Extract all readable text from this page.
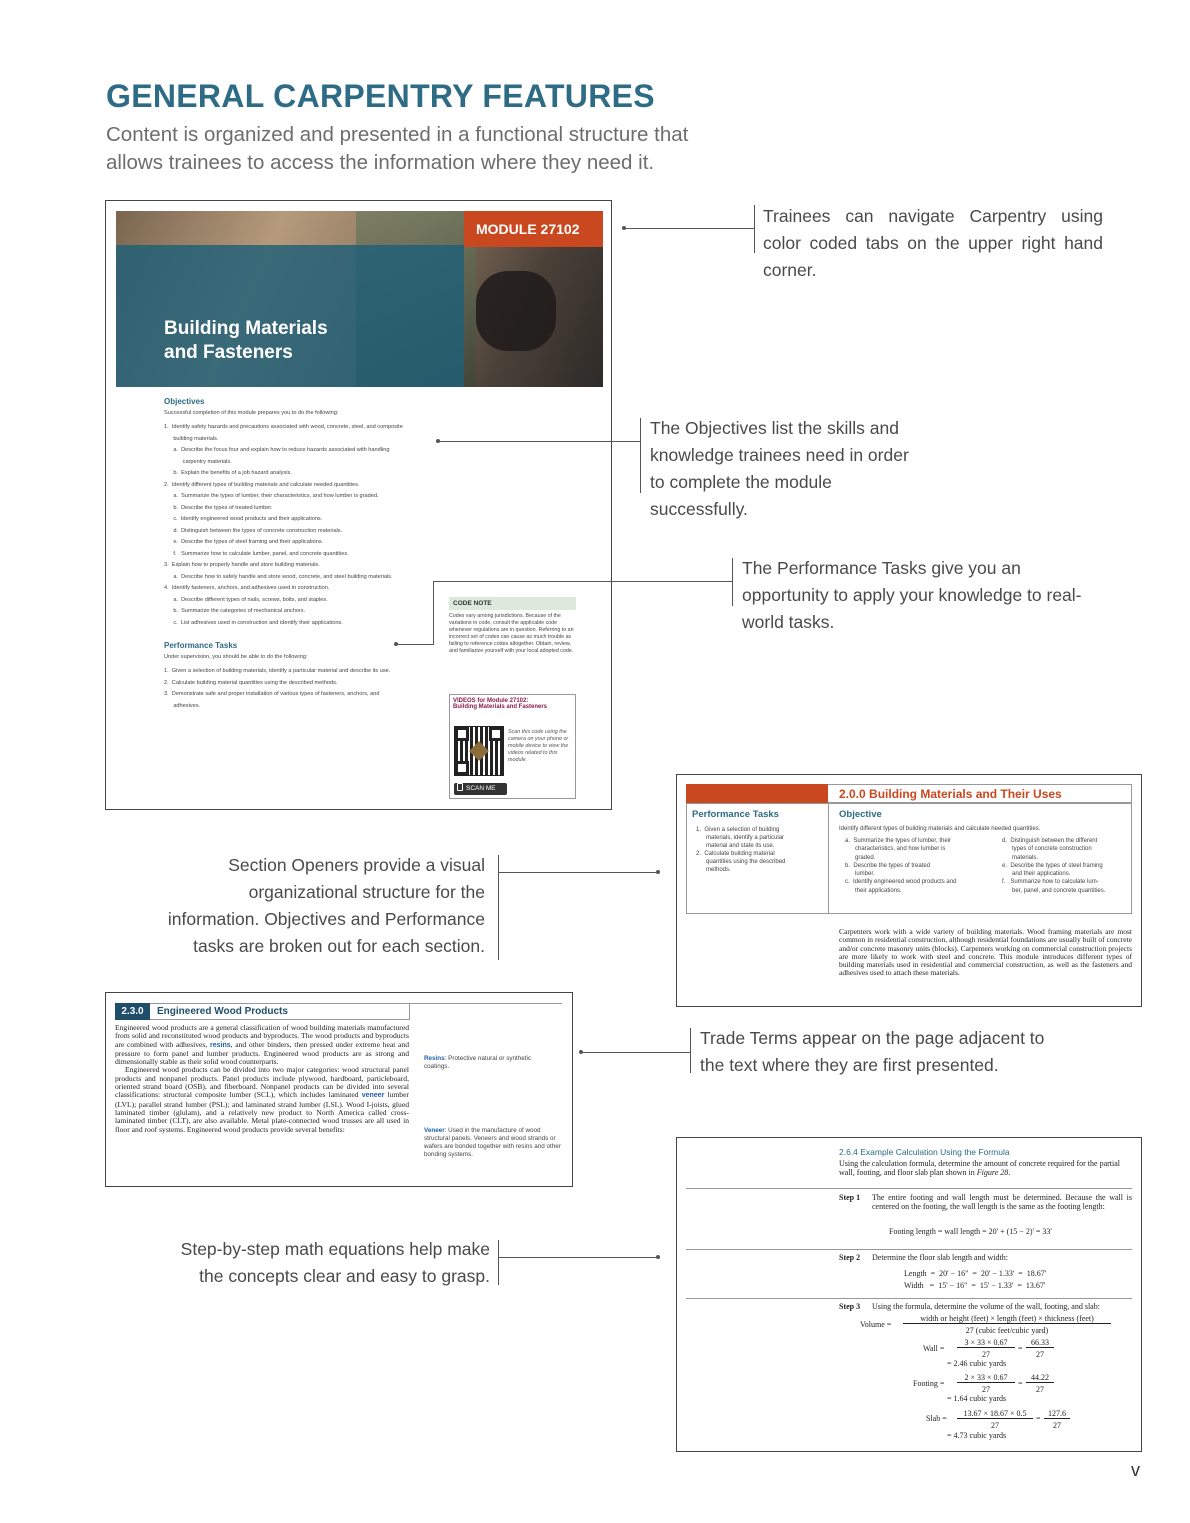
GENERAL CARPENTRY FEATURES
Content is organized and presented in a functional structure that
allows trainees to access the information where they need it.
MODULE 27102
Building Materials
and Fasteners
Objectives
Successful completion of this module prepares you to do the following:
1.  Identify safety hazards and precautions associated with wood, concrete, steel, and composite
building materials.
a.  Describe the focus four and explain how to reduce hazards associated with handling
carpentry materials.
b.  Explain the benefits of a job hazard analysis.
2.  Identify different types of building materials and calculate needed quantities.
a.  Summarize the types of lumber, their characteristics, and how lumber is graded.
b.  Describe the types of treated lumber.
c.  Identify engineered wood products and their applications.
d.  Distinguish between the types of concrete construction materials.
e.  Describe the types of steel framing and their applications.
f.   Summarize how to calculate lumber, panel, and concrete quantities.
3.  Explain how to properly handle and store building materials.
a.  Describe how to safely handle and store wood, concrete, and steel building materials.
4.  Identify fasteners, anchors, and adhesives used in construction.
a.  Describe different types of nails, screws, bolts, and staples.
b.  Summarize the categories of mechanical anchors.
c.  List adhesives used in construction and identify their applications.
Performance Tasks
Under supervision, you should be able to do the following:
1.  Given a selection of building materials, identify a particular material and describe its use.
2.  Calculate building material quantities using the described methods.
3.  Demonstrate safe and proper installation of various types of fasteners, anchors, and
adhesives.
CODE NOTE
Codes vary among jurisdictions. Because of the variations in code, consult the applicable code whenever regulations are in question. Referring to an incorrect set of codes can cause as much trouble as failing to reference codes altogether. Obtain, review, and familiarize yourself with your local adopted code.
VIDEOS for Module 27102:
Building Materials and Fasteners
Scan this code using the camera on your phone or mobile device to view the videos related to this module.
SCAN ME
Trainees can navigate Carpentry using color coded tabs on the upper right hand corner.
The Objectives list the skills and knowledge trainees need in order to complete the module successfully.
The Performance Tasks give you an opportunity to apply your knowledge to real-world tasks.
2.0.0 Building Materials and Their Uses
Performance Tasks
1.  Given a selection of building
materials, identify a particular
material and state its use.
2.  Calculate building material
quantities using the described
methods.
Objective
Identify different types of building materials and calculate needed quantities.
a.  Summarize the types of lumber, their
characteristics, and how lumber is
graded.
b.  Describe the types of treated
lumber.
c.  Identify engineered wood products and
their applications.
d.  Distinguish between the different
types of concrete construction
materials.
e.  Describe the types of steel framing
and their applications.
f.   Summarize how to calculate lum-
ber, panel, and concrete quantities.
Carpenters work with a wide variety of building materials. Wood framing materials are most common in residential construction, although residential foundations are usually built of concrete and/or concrete masonry units (blocks). Carpenters working on commercial construction projects are more likely to work with steel and concrete. This module introduces different types of building materials used in residential and commercial construction, as well as the fasteners and adhesives used to attach these materials.
Section Openers provide a visual organizational structure for the information. Objectives and Performance tasks are broken out for each section.
2.3.0	Engineered Wood Products

Engineered wood products are a general classification of wood building materials manufactured from solid and reconstituted wood products and byproducts. The wood products and byproducts are combined with adhesives, resins, and other binders, then pressed under extreme heat and pressure to form panel and lumber products. Engineered wood products are as strong and dimensionally stable as their solid wood counterparts.

Engineered wood products can be divided into two major categories: wood structural panel products and nonpanel products. Panel products include plywood, hardboard, particleboard, oriented strand board (OSB), and fiberboard. Nonpanel products can be divided into several classifications: structural composite lumber (SCL), which includes laminated veneer lumber (LVL); parallel strand lumber (PSL); and laminated strand lumber (LSL). Wood I-joists, glued laminated timber (glulam), and a relatively new product to North America called cross-laminated timber (CLT), are also available. Metal plate-connected wood trusses are all used in floor and roof systems. Engineered wood products provide several benefits:

Resins: Protective natural or synthetic coatings.
Veneer: Used in the manufacture of wood structural panels. Veneers and wood strands or wafers are bonded together with resins and other bonding systems.
Trade Terms appear on the page adjacent to the text where they are first presented.
2.6.4 Example Calculation Using the Formula
Using the calculation formula, determine the amount of concrete required for the partial wall, footing, and floor slab plan shown in Figure 28.
Step 1 The entire footing and wall length must be determined. Because the wall is centered on the footing, the wall length is the same as the footing length:
Footing length = wall length = 20' + (15 − 2)' = 33'
Step 2 Determine the floor slab length and width:
Length  =  20' − 16"  =  20' − 1.33'  =  18.67'
Width   =  15' − 16"  =  15' − 1.33'  =  13.67'
Step 3 Using the formula, determine the volume of the wall, footing, and slab:
Volume =
width or height (feet) × length (feet) × thickness (feet)
27 (cubic feet/cubic yard)
Wall =
3 × 33 × 0.67
27
=
66.33
27
= 2.46 cubic yards
Footing =
2 × 33 × 0.67
27
=
44.22
27
= 1.64 cubic yards
Slab =
13.67 × 18.67 × 0.5
27
=
127.6
27
= 4.73 cubic yards
Step-by-step math equations help make the concepts clear and easy to grasp.
v
